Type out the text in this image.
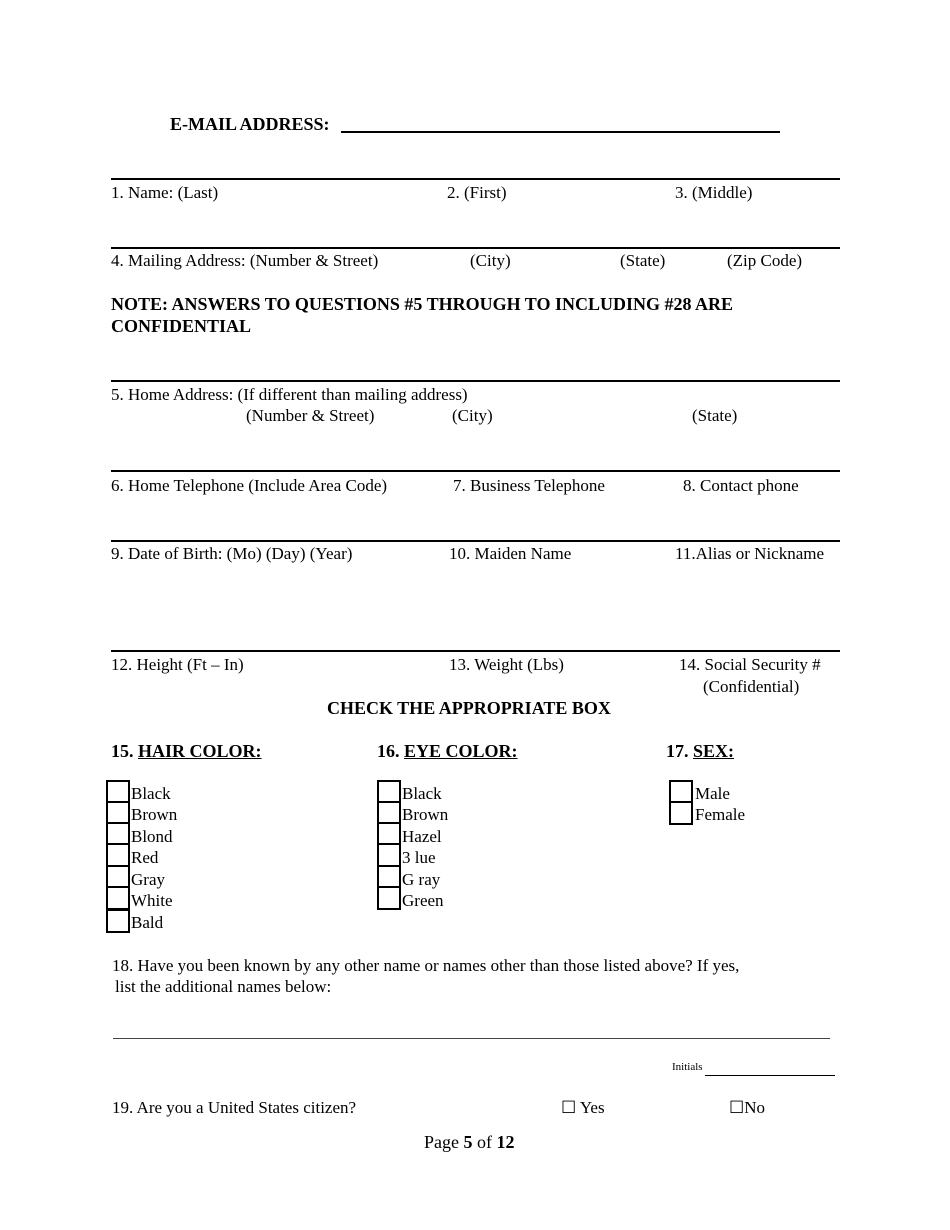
E-MAIL ADDRESS:
1. Name: (Last)	2. (First)	3. (Middle)
4. Mailing Address: (Number & Street)	(City)	(State)	(Zip Code)
NOTE: ANSWERS TO QUESTIONS #5 THROUGH TO INCLUDING #28 ARE
CONFIDENTIAL
5. Home Address: (If different than mailing address)
(Number & Street)	(City)	(State)
6. Home Telephone (Include Area Code)	7. Business Telephone	8. Contact phone
9. Date of Birth: (Mo) (Day) (Year)	10. Maiden Name	11.Alias or Nickname
12. Height (Ft – In)	13. Weight (Lbs)	14. Social Security #
(Confidential)
CHECK THE APPROPRIATE BOX
15. HAIR COLOR:	16. EYE COLOR:	17. SEX:
Black
Brown
Blond
Red
Gray
White
Bald
Black
Brown
Hazel
3 lue
G ray
Green
Male
Female
18. Have you been known by any other name or names other than those listed above? If yes,
list the additional names below:
Initials
19. Are you a United States citizen?	☐ Yes	☐No
Page 5 of 12
